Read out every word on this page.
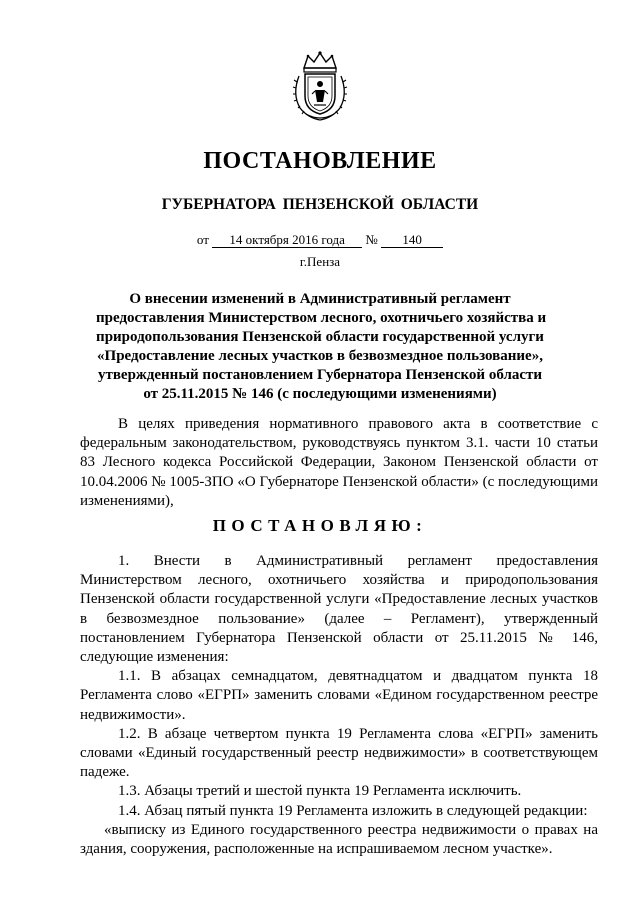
ПОСТАНОВЛЕНИЕ
ГУБЕРНАТОРА ПЕНЗЕНСКОЙ ОБЛАСТИ
от 14 октября 2016 года № 140
г.Пенза
О внесении изменений в Административный регламент
предоставления Министерством лесного, охотничьего хозяйства и
природопользования Пензенской области государственной услуги
«Предоставление лесных участков в безвозмездное пользование»,
утвержденный постановлением Губернатора Пензенской области
от 25.11.2015 № 146 (с последующими изменениями)

В целях приведения нормативного правового акта в соответствие с федеральным законодательством, руководствуясь пунктом 3.1. части 10 статьи 83 Лесного кодекса Российской Федерации, Законом Пензенской области от 10.04.2006 № 1005-ЗПО «О Губернаторе Пензенской области» (с последующими изменениями),

ПОСТАНОВЛЯЮ:

1. Внести в Административный регламент предоставления Министерством лесного, охотничьего хозяйства и природопользования Пензенской области государственной услуги «Предоставление лесных участков в безвозмездное пользование» (далее – Регламент), утвержденный постановлением Губернатора Пензенской области от 25.11.2015 № 146, следующие изменения:

1.1. В абзацах семнадцатом, девятнадцатом и двадцатом пункта 18 Регламента слово «ЕГРП» заменить словами «Едином государственном реестре недвижимости».

1.2. В абзаце четвертом пункта 19 Регламента слова «ЕГРП» заменить словами «Единый государственный реестр недвижимости» в соответствующем падеже.

1.3. Абзацы третий и шестой пункта 19 Регламента исключить.

1.4. Абзац пятый пункта 19 Регламента изложить в следующей редакции:

«выписку из Единого государственного реестра недвижимости о правах на здания, сооружения, расположенные на испрашиваемом лесном участке».
